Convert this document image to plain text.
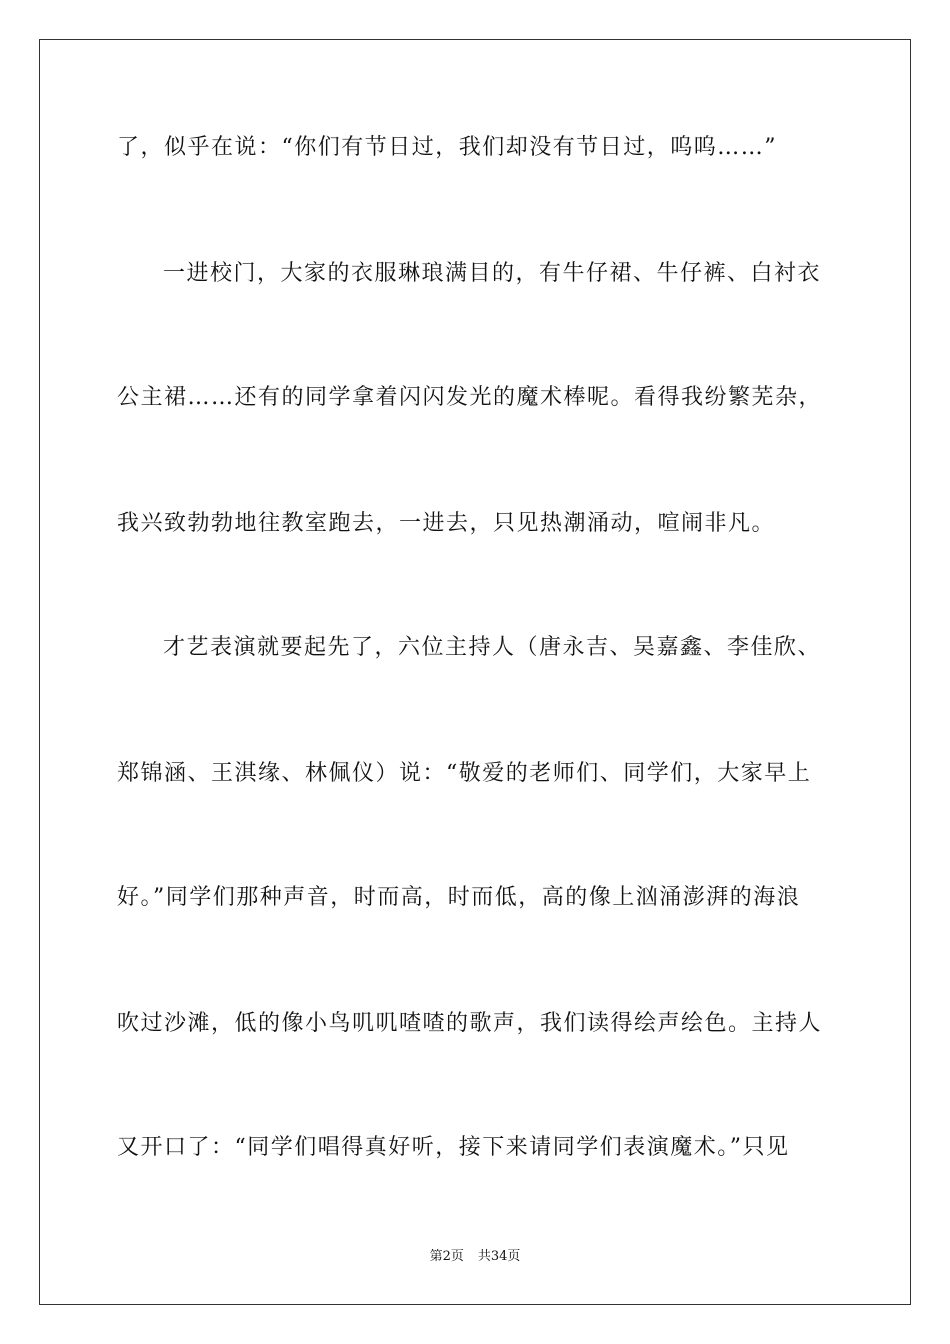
了，似乎在说：“你们有节日过，我们却没有节日过，呜呜……”
一进校门，大家的衣服琳琅满目的，有牛仔裙、牛仔裤、白衬衣
公主裙……还有的同学拿着闪闪发光的魔术棒呢。看得我纷繁芜杂，
我兴致勃勃地往教室跑去，一进去，只见热潮涌动，喧闹非凡。
才艺表演就要起先了，六位主持人（唐永吉、吴嘉鑫、李佳欣、
郑锦涵、王淇缘、林佩仪）说：“敬爱的老师们、同学们，大家早上
好。”同学们那种声音，时而高，时而低，高的像上汹涌澎湃的海浪
吹过沙滩，低的像小鸟叽叽喳喳的歌声，我们读得绘声绘色。主持人
又开口了：“同学们唱得真好听，接下来请同学们表演魔术。”只见
第2页 共34页
